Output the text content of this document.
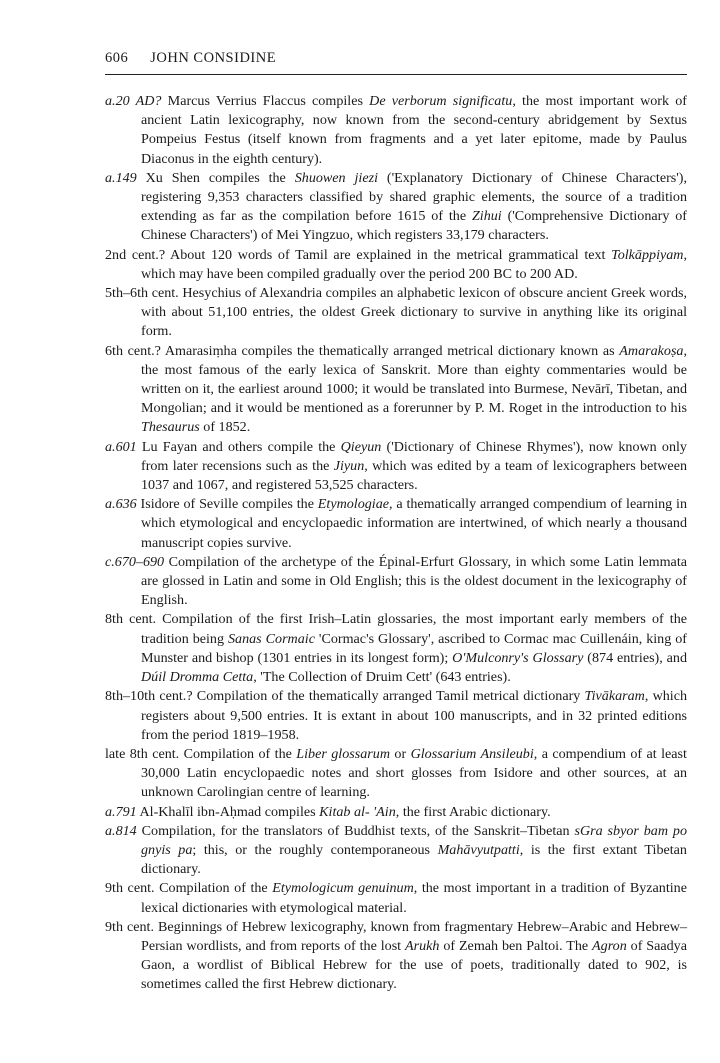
606 JOHN CONSIDINE

a.20 AD? Marcus Verrius Flaccus compiles De verborum significatu, the most important work of ancient Latin lexicography, now known from the second-century abridgement by Sextus Pompeius Festus (itself known from fragments and a yet later epitome, made by Paulus Diaconus in the eighth century).

a.149 Xu Shen compiles the Shuowen jiezi ('Explanatory Dictionary of Chinese Characters'), registering 9,353 characters classified by shared graphic elements, the source of a tradition extending as far as the compilation before 1615 of the Zihui ('Comprehensive Dictionary of Chinese Characters') of Mei Yingzuo, which registers 33,179 characters.

2nd cent.? About 120 words of Tamil are explained in the metrical grammatical text Tolkāppiyam, which may have been compiled gradually over the period 200 BC to 200 AD.

5th–6th cent. Hesychius of Alexandria compiles an alphabetic lexicon of obscure ancient Greek words, with about 51,100 entries, the oldest Greek dictionary to survive in anything like its original form.

6th cent.? Amarasiṃha compiles the thematically arranged metrical dictionary known as Amarakoṣa, the most famous of the early lexica of Sanskrit. More than eighty commentaries would be written on it, the earliest around 1000; it would be translated into Burmese, Nevārī, Tibetan, and Mongolian; and it would be mentioned as a forerunner by P. M. Roget in the introduction to his Thesaurus of 1852.

a.601 Lu Fayan and others compile the Qieyun ('Dictionary of Chinese Rhymes'), now known only from later recensions such as the Jiyun, which was edited by a team of lexicographers between 1037 and 1067, and registered 53,525 characters.

a.636 Isidore of Seville compiles the Etymologiae, a thematically arranged compendium of learning in which etymological and encyclopaedic information are intertwined, of which nearly a thousand manuscript copies survive.

c.670–690 Compilation of the archetype of the Épinal-Erfurt Glossary, in which some Latin lemmata are glossed in Latin and some in Old English; this is the oldest document in the lexicography of English.

8th cent. Compilation of the first Irish–Latin glossaries, the most important early members of the tradition being Sanas Cormaic 'Cormac's Glossary', ascribed to Cormac mac Cuillenáin, king of Munster and bishop (1301 entries in its longest form); O'Mulconry's Glossary (874 entries), and Dúil Dromma Cetta, 'The Collection of Druim Cett' (643 entries).

8th–10th cent.? Compilation of the thematically arranged Tamil metrical dictionary Tivākaram, which registers about 9,500 entries. It is extant in about 100 manuscripts, and in 32 printed editions from the period 1819–1958.

late 8th cent. Compilation of the Liber glossarum or Glossarium Ansileubi, a compendium of at least 30,000 Latin encyclopaedic notes and short glosses from Isidore and other sources, at an unknown Carolingian centre of learning.

a.791 Al-Khalīl ibn-Aḥmad compiles Kitab al- 'Ain, the first Arabic dictionary.

a.814 Compilation, for the translators of Buddhist texts, of the Sanskrit–Tibetan sGra sbyor bam po gnyis pa; this, or the roughly contemporaneous Mahāvyutpatti, is the first extant Tibetan dictionary.

9th cent. Compilation of the Etymologicum genuinum, the most important in a tradition of Byzantine lexical dictionaries with etymological material.

9th cent. Beginnings of Hebrew lexicography, known from fragmentary Hebrew–Arabic and Hebrew–Persian wordlists, and from reports of the lost Arukh of Zemah ben Paltoi. The Agron of Saadya Gaon, a wordlist of Biblical Hebrew for the use of poets, traditionally dated to 902, is sometimes called the first Hebrew dictionary.
